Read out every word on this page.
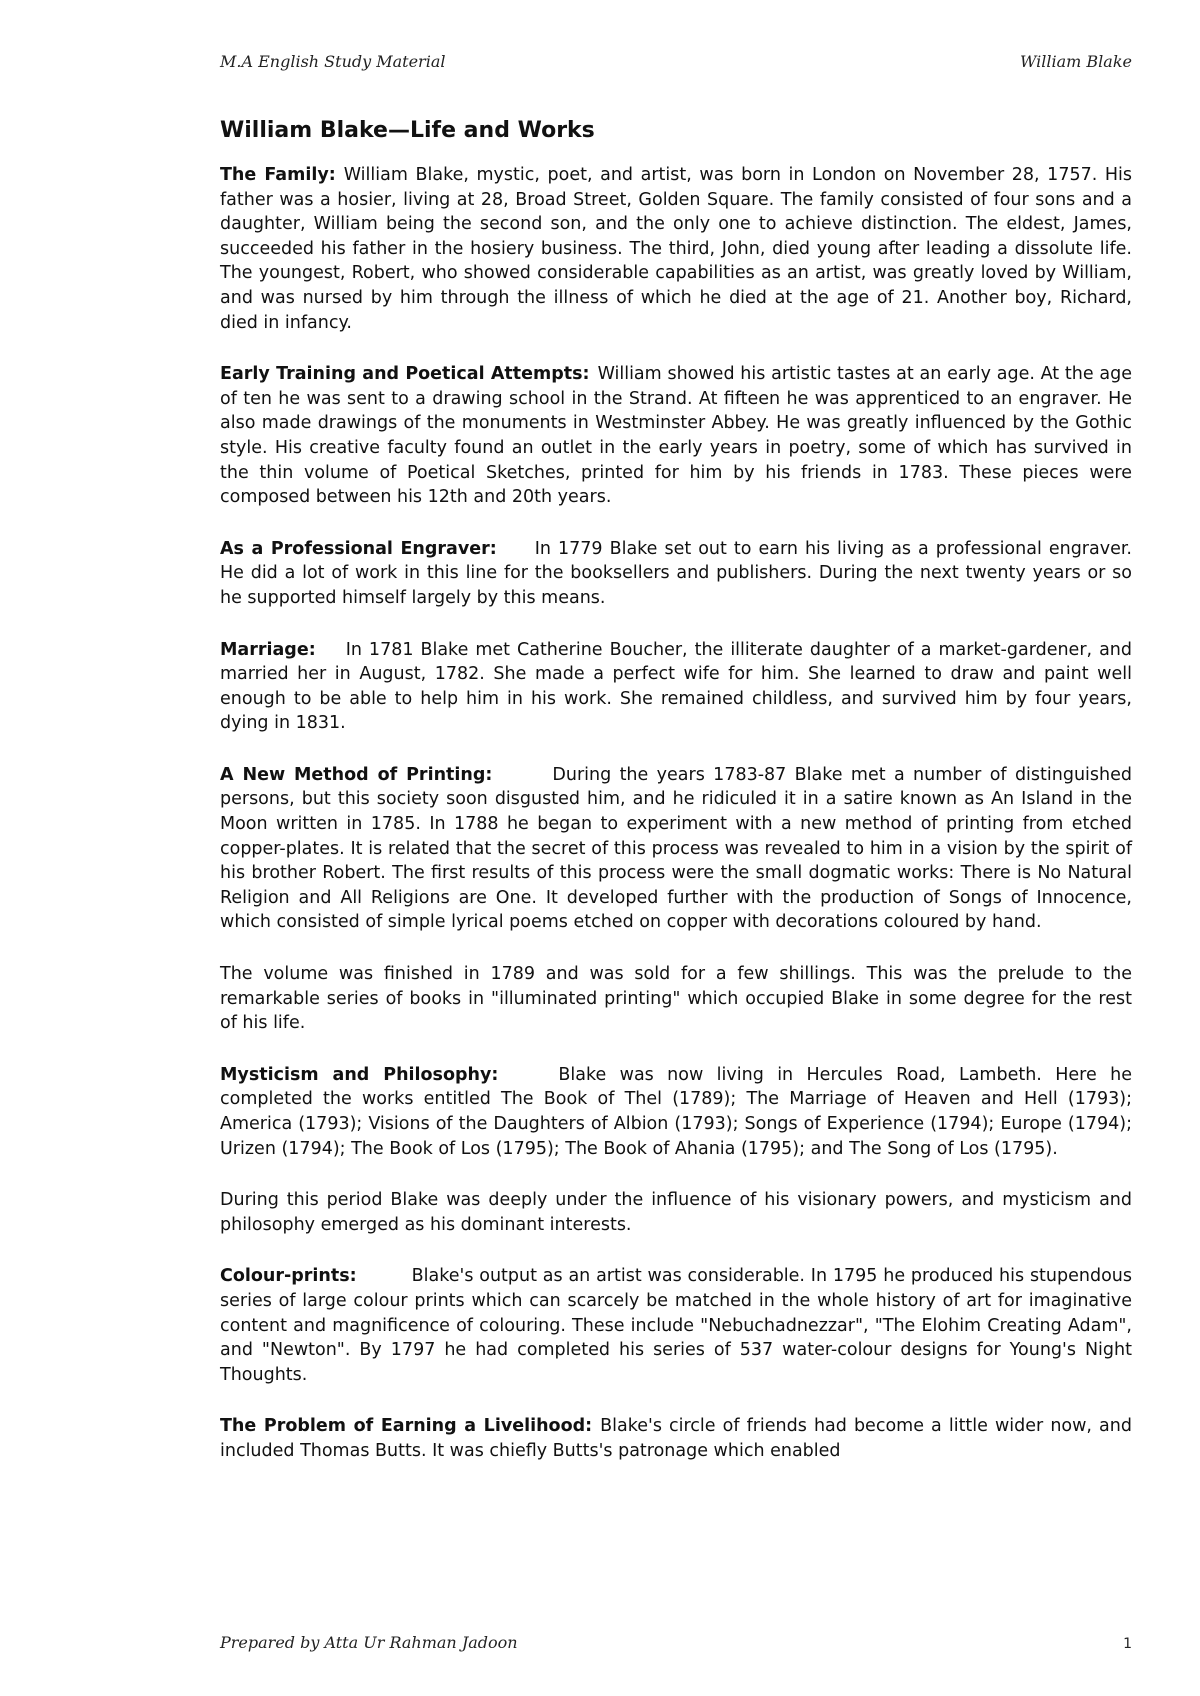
M.A English Study Material	William Blake
William Blake—Life and Works

The Family: William Blake, mystic, poet, and artist, was born in London on November 28, 1757. His father was a hosier, living at 28, Broad Street, Golden Square. The family consisted of four sons and a daughter, William being the second son, and the only one to achieve distinction. The eldest, James, succeeded his father in the hosiery business. The third, John, died young after leading a dissolute life. The youngest, Robert, who showed considerable capabilities as an artist, was greatly loved by William, and was nursed by him through the illness of which he died at the age of 21. Another boy, Richard, died in infancy.

Early Training and Poetical Attempts: William showed his artistic tastes at an early age. At the age of ten he was sent to a drawing school in the Strand. At fifteen he was apprenticed to an engraver. He also made drawings of the monuments in Westminster Abbey. He was greatly influenced by the Gothic style. His creative faculty found an outlet in the early years in poetry, some of which has survived in the thin volume of Poetical Sketches, printed for him by his friends in 1783. These pieces were composed between his 12th and 20th years.

As a Professional Engraver: In 1779 Blake set out to earn his living as a professional engraver. He did a lot of work in this line for the booksellers and publishers. During the next twenty years or so he supported himself largely by this means.

Marriage: In 1781 Blake met Catherine Boucher, the illiterate daughter of a market-gardener, and married her in August, 1782. She made a perfect wife for him. She learned to draw and paint well enough to be able to help him in his work. She remained childless, and survived him by four years, dying in 1831.

A New Method of Printing:	During the years 1783-87 Blake met a number of distinguished persons, but this society soon disgusted him, and he ridiculed it in a satire known as An Island in the Moon written in 1785. In 1788 he began to experiment with a new method of printing from etched copper-plates. It is related that the secret of this process was revealed to him in a vision by the spirit of his brother Robert. The first results of this process were the small dogmatic works: There is No Natural Religion and All Religions are One. It developed further with the production of Songs of Innocence, which consisted of simple lyrical poems etched on copper with decorations coloured by hand.

The volume was finished in 1789 and was sold for a few shillings. This was the prelude to the remarkable series of books in "illuminated printing" which occupied Blake in some degree for the rest of his life.

Mysticism and Philosophy:	Blake was now living in Hercules Road, Lambeth. Here he completed the works entitled The Book of Thel (1789); The Marriage of Heaven and Hell (1793); America (1793); Visions of the Daughters of Albion (1793); Songs of Experience (1794); Europe (1794); Urizen (1794); The Book of Los (1795); The Book of Ahania (1795); and The Song of Los (1795).

During this period Blake was deeply under the influence of his visionary powers, and mysticism and philosophy emerged as his dominant interests.

Colour-prints:	Blake's output as an artist was considerable. In 1795 he produced his stupendous series of large colour prints which can scarcely be matched in the whole history of art for imaginative content and magnificence of colouring. These include "Nebuchadnezzar", "The Elohim Creating Adam", and "Newton". By 1797 he had completed his series of 537 water-colour designs for Young's Night Thoughts.

The Problem of Earning a Livelihood: Blake's circle of friends had become a little wider now, and included Thomas Butts. It was chiefly Butts's patronage which enabled

Prepared by Atta Ur Rahman Jadoon	1
